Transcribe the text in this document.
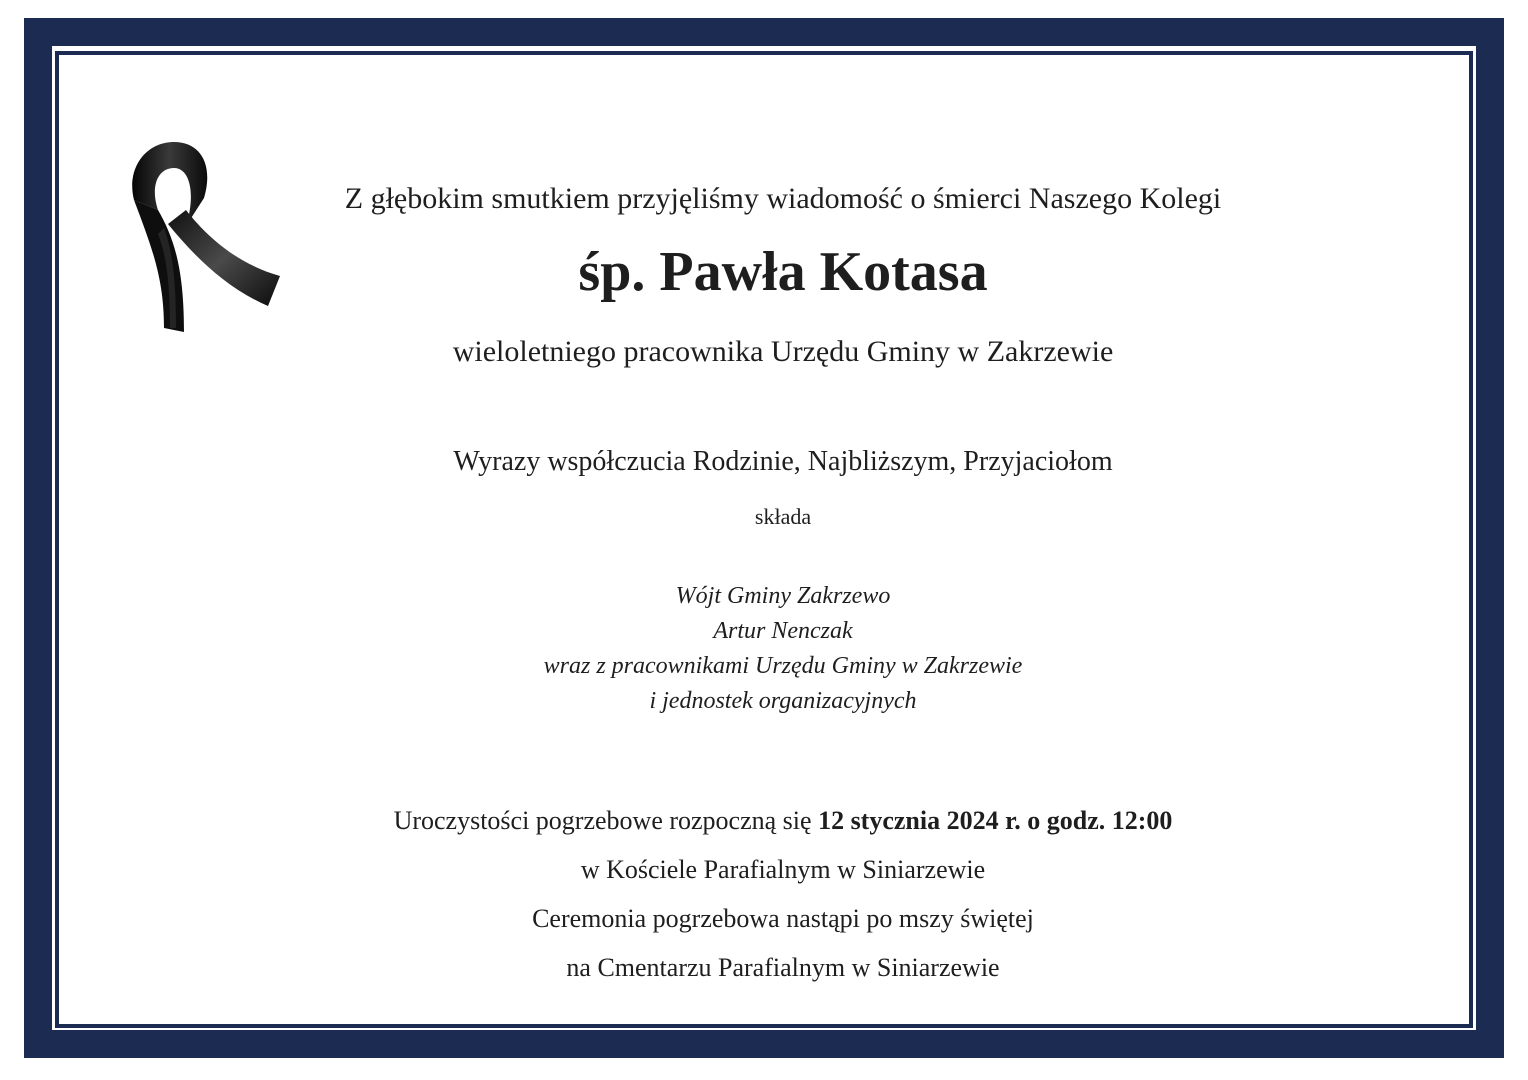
Z głębokim smutkiem przyjęliśmy wiadomość o śmierci Naszego Kolegi
śp. Pawła Kotasa
wieloletniego pracownika Urzędu Gminy w Zakrzewie
Wyrazy współczucia Rodzinie, Najbliższym, Przyjaciołom
składa
Wójt Gminy Zakrzewo
Artur Nenczak
wraz z pracownikami Urzędu Gminy w Zakrzewie
i jednostek organizacyjnych
Uroczystości pogrzebowe rozpoczną się 12 stycznia 2024 r. o godz. 12:00
w Kościele Parafialnym w Siniarzewie
Ceremonia pogrzebowa nastąpi po mszy świętej
na Cmentarzu Parafialnym w Siniarzewie
